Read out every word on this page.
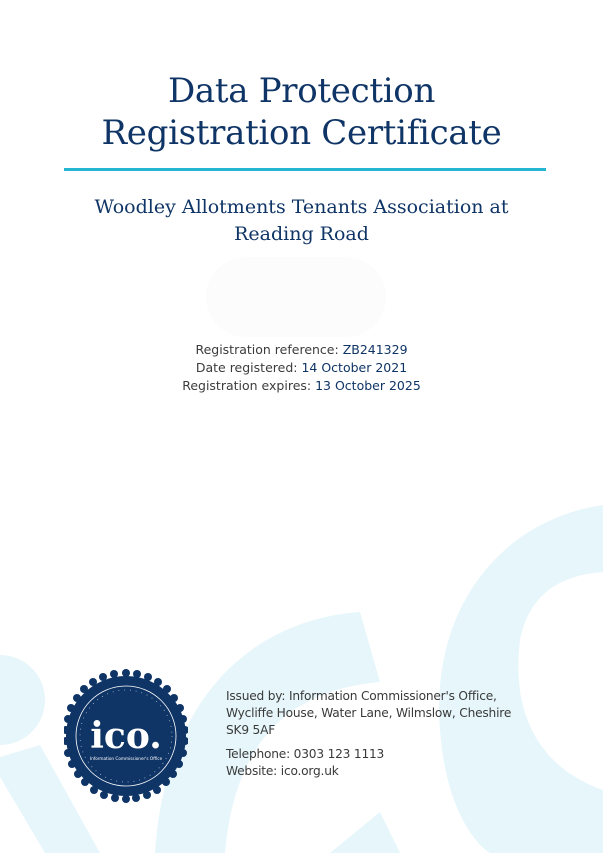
Data Protection
Registration Certificate
Woodley Allotments Tenants Association at
Reading Road
Registration reference: ZB241329
Date registered: 14 October 2021
Registration expires: 13 October 2025
ico.
Information Commissioner's Office

Issued by: Information Commissioner's Office,

Wycliffe House, Water Lane, Wilmslow, Cheshire

SK9 5AF

Telephone: 0303 123 1113

Website: ico.org.uk
